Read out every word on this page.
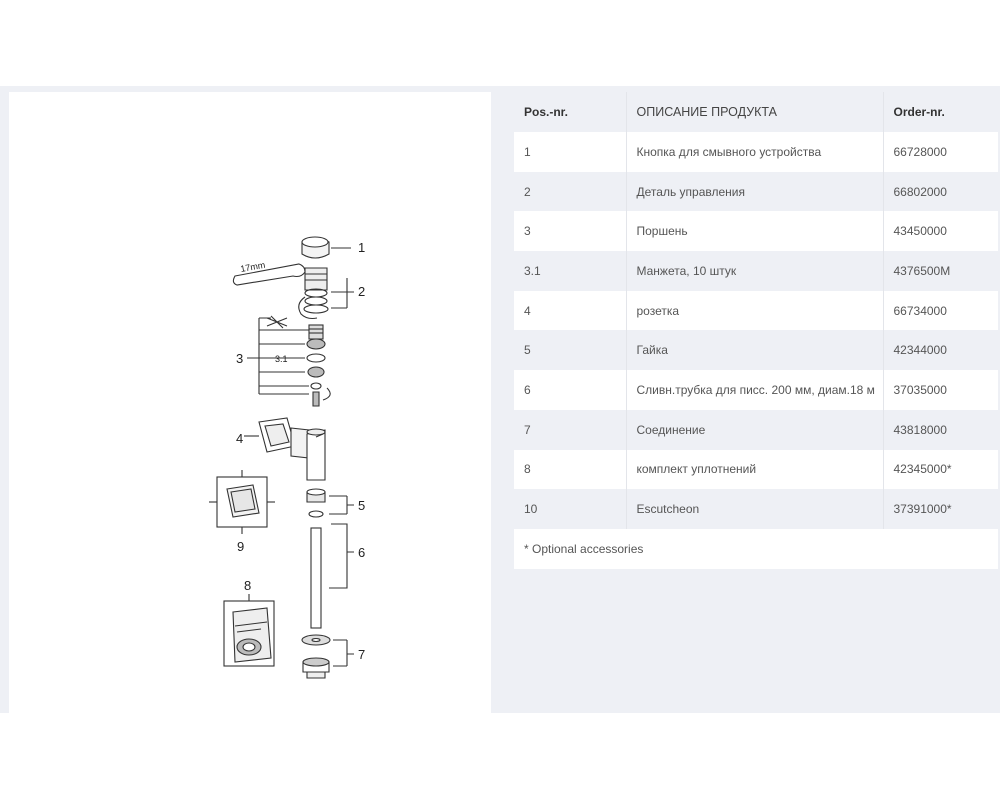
1
2
3
4
5
6
7
8
9
3.1
17mm
Pos.-nr.	ОПИСАНИЕ ПРОДУКТА	Order-nr.
1	Кнопка для смывного устройства	66728000
2	Деталь управления	66802000
3	Поршень	43450000
3.1	Манжета, 10 штук	4376500M
4	розетка	66734000
5	Гайка	42344000
6	Сливн.трубка для писс. 200 мм, диам.18 м	37035000
7	Соединение	43818000
8	комплект уплотнений	42345000*
10	Escutcheon	37391000*
* Optional accessories
